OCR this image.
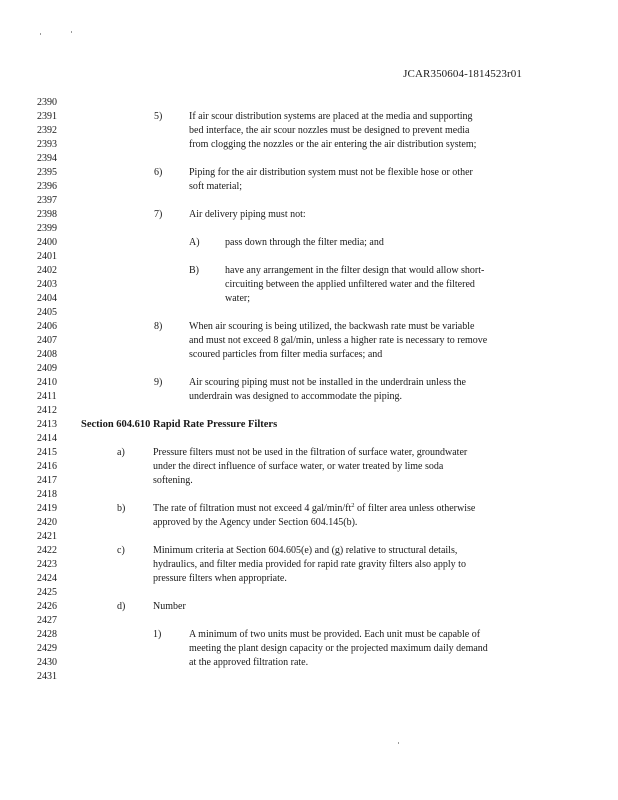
JCAR350604-1814523r01
2390
2391
2392
2393
2394
2395
2396
2397
2398
2399
2400
2401
2402
2403
2404
2405
2406
2407
2408
2409
2410
2411
2412
2413
2414
2415
2416
2417
2418
2419
2420
2421
2422
2423
2424
2425
2426
2427
2428
2429
2430
2431
5)	If air scour distribution systems are placed at the media and supporting
bed interface, the air scour nozzles must be designed to prevent media
from clogging the nozzles or the air entering the air distribution system;
6)	Piping for the air distribution system must not be flexible hose or other
soft material;
7)	Air delivery piping must not:
A)	pass down through the filter media; and
B)	have any arrangement in the filter design that would allow short-
circuiting between the applied unfiltered water and the filtered
water;
8)	When air scouring is being utilized, the backwash rate must be variable
and must not exceed 8 gal/min, unless a higher rate is necessary to remove
scoured particles from filter media surfaces; and
9)	Air scouring piping must not be installed in the underdrain unless the
underdrain was designed to accommodate the piping.
Section 604.610 Rapid Rate Pressure Filters
a)	Pressure filters must not be used in the filtration of surface water, groundwater
under the direct influence of surface water, or water treated by lime soda
softening.
b)	The rate of filtration must not exceed 4 gal/$\min/ft^2$ of filter area unless otherwise
approved by the Agency under Section 604.145(b).
c)	Minimum criteria at Section 604.605(e) and (g) relative to structural details,
hydraulics, and filter media provided for rapid rate gravity filters also apply to
pressure filters when appropriate.
d)	Number
1)	A minimum of two units must be provided. Each unit must be capable of
meeting the plant design capacity or the projected maximum daily demand
at the approved filtration rate.
